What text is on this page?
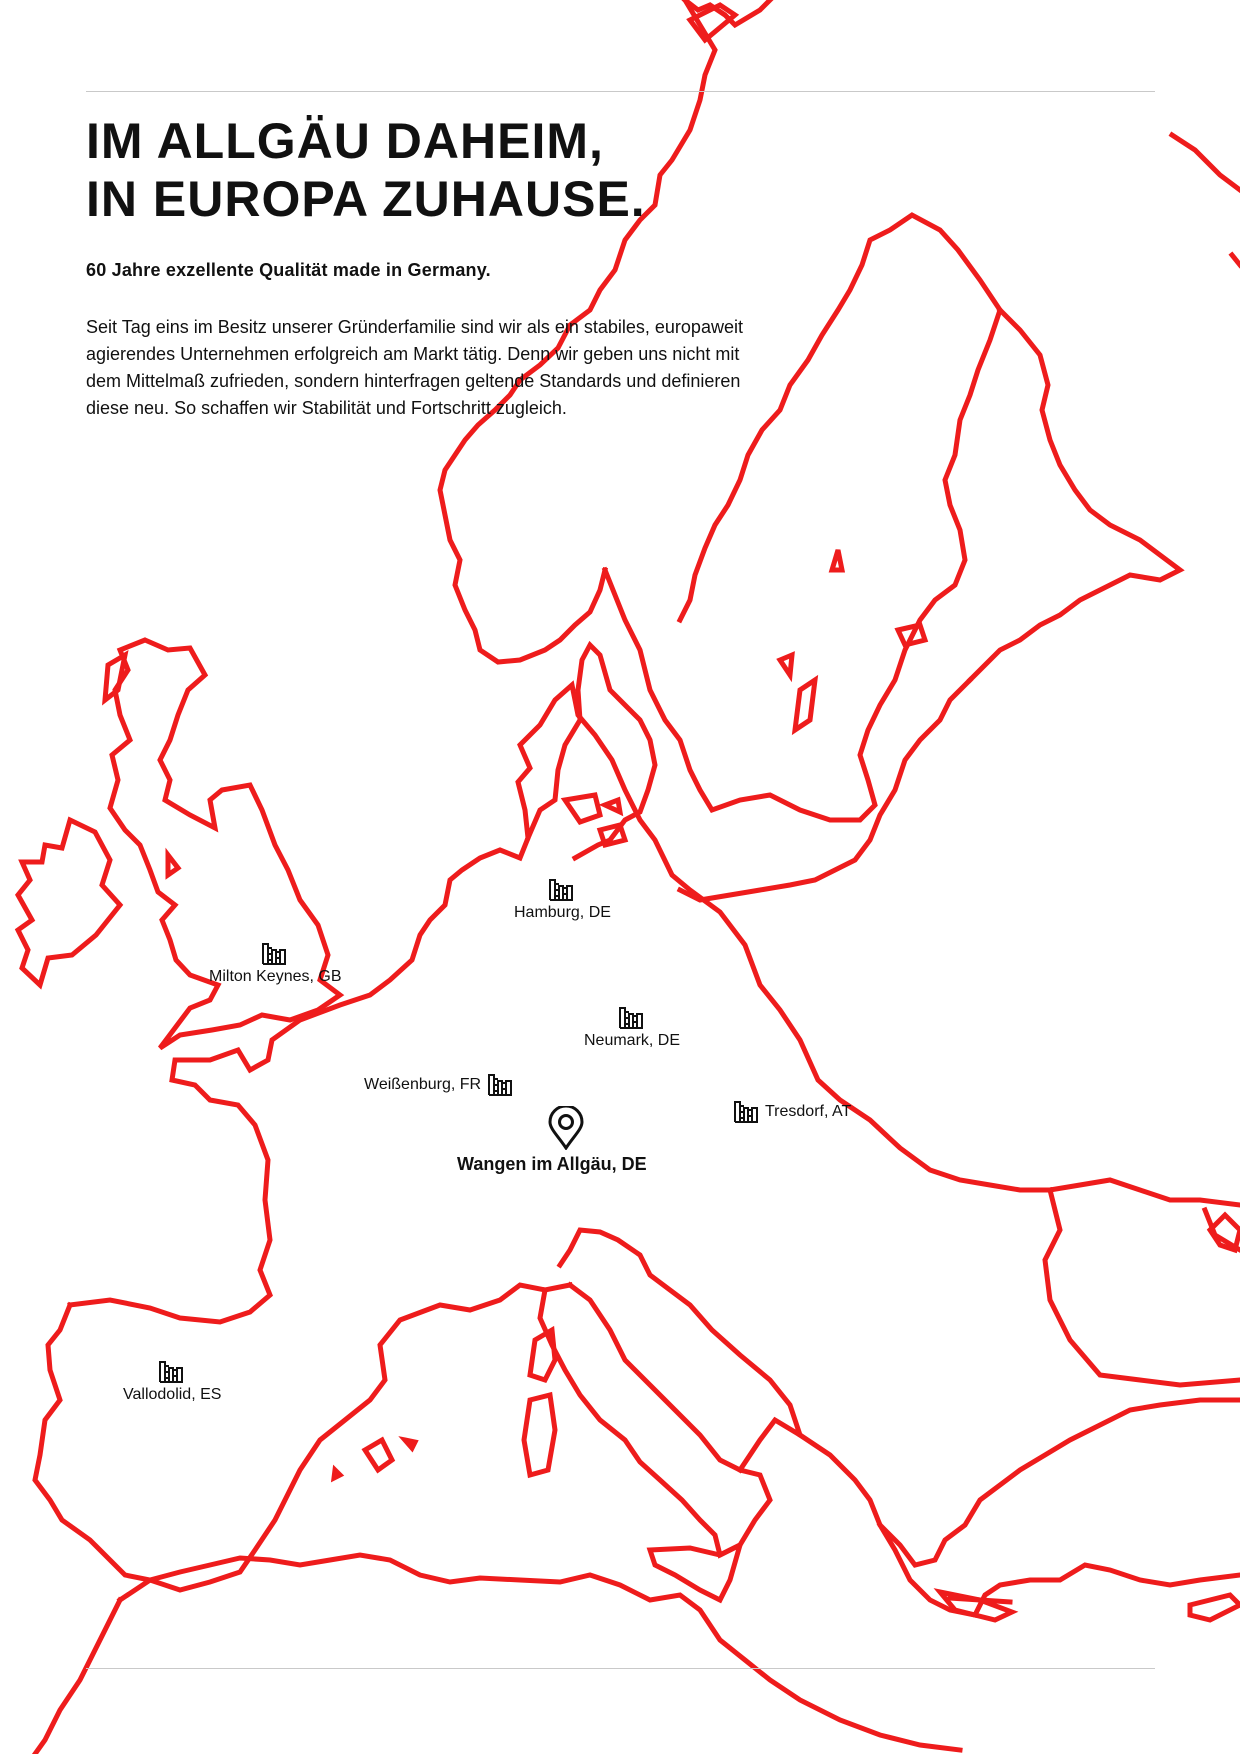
IM ALLGÄU DAHEIM,
IN EUROPA ZUHAUSE.

60 Jahre exzellente Qualität made in Germany.

Seit Tag eins im Besitz unserer Gründerfamilie sind wir als ein stabiles, europaweit
agierendes Unternehmen erfolgreich am Markt tätig. Denn wir geben uns nicht mit
dem Mittelmaß zufrieden, sondern hinterfragen geltende Standards und definieren
diese neu. So schaffen wir Stabilität und Fortschritt zugleich.

Hamburg, DE
Milton Keynes, GB
Neumark, DE
Weißenburg, FR
Tresdorf, AT
Vallodolid, ES
Wangen im Allgäu, DE
